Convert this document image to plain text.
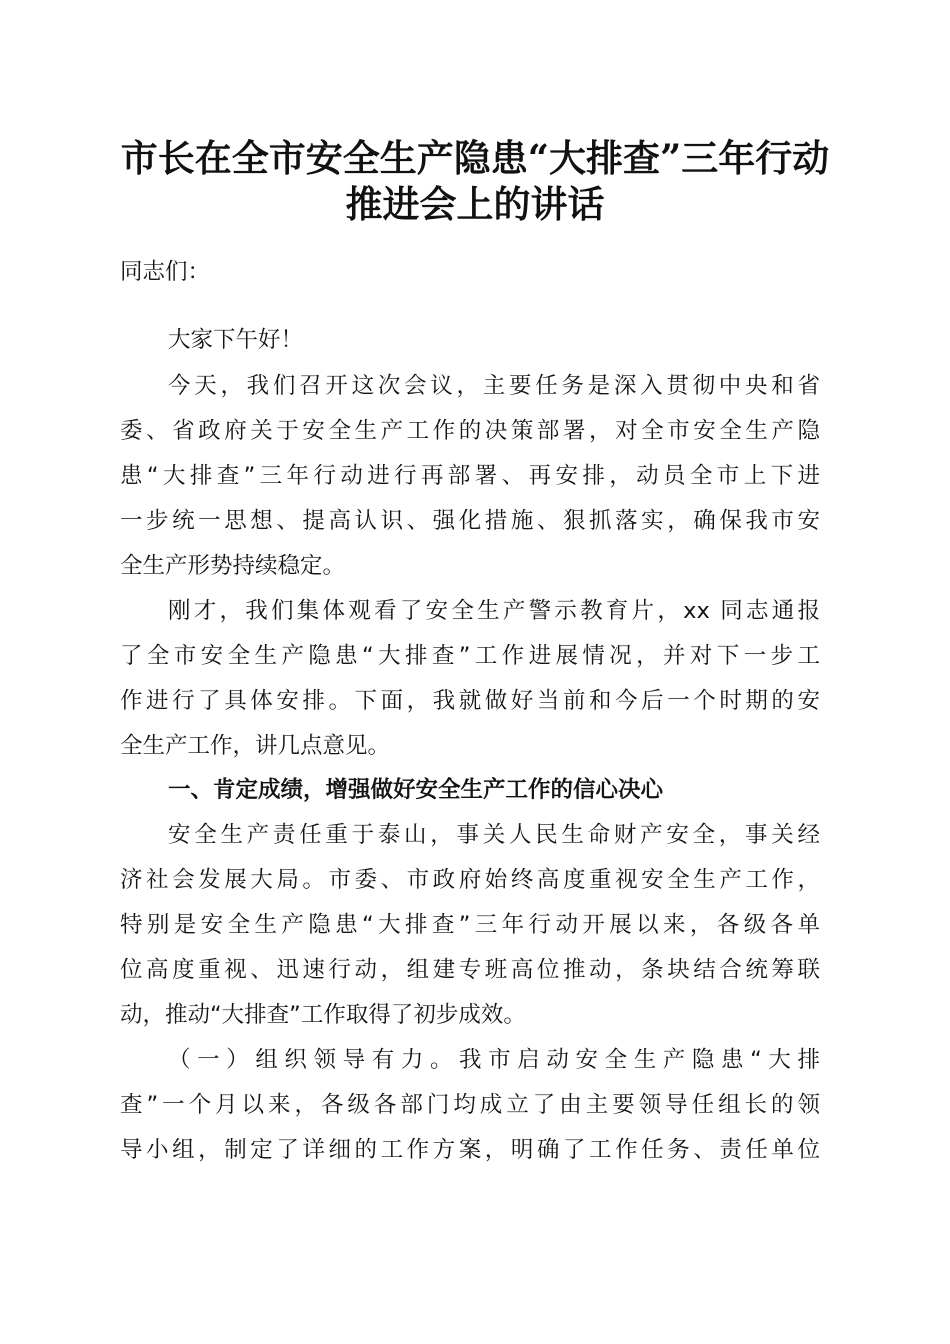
市长在全市安全生产隐患“大排查”三年行动
推进会上的讲话
同志们：
大家下午好！
今天，我们召开这次会议，主要任务是深入贯彻中央和省
委、省政府关于安全生产工作的决策部署，对全市安全生产隐
患“大排查”三年行动进行再部署、再安排，动员全市上下进
一步统一思想、提高认识、强化措施、狠抓落实，确保我市安
全生产形势持续稳定。
刚才，我们集体观看了安全生产警示教育片，xx 同志通报
了全市安全生产隐患“大排查”工作进展情况，并对下一步工
作进行了具体安排。下面，我就做好当前和今后一个时期的安
全生产工作，讲几点意见。
一、肯定成绩，增强做好安全生产工作的信心决心
安全生产责任重于泰山，事关人民生命财产安全，事关经
济社会发展大局。市委、市政府始终高度重视安全生产工作，
特别是安全生产隐患“大排查”三年行动开展以来，各级各单
位高度重视、迅速行动，组建专班高位推动，条块结合统筹联
动，推动“大排查”工作取得了初步成效。
（一）组织领导有力。我市启动安全生产隐患“大排
查”一个月以来，各级各部门均成立了由主要领导任组长的领
导小组，制定了详细的工作方案，明确了工作任务、责任单位
